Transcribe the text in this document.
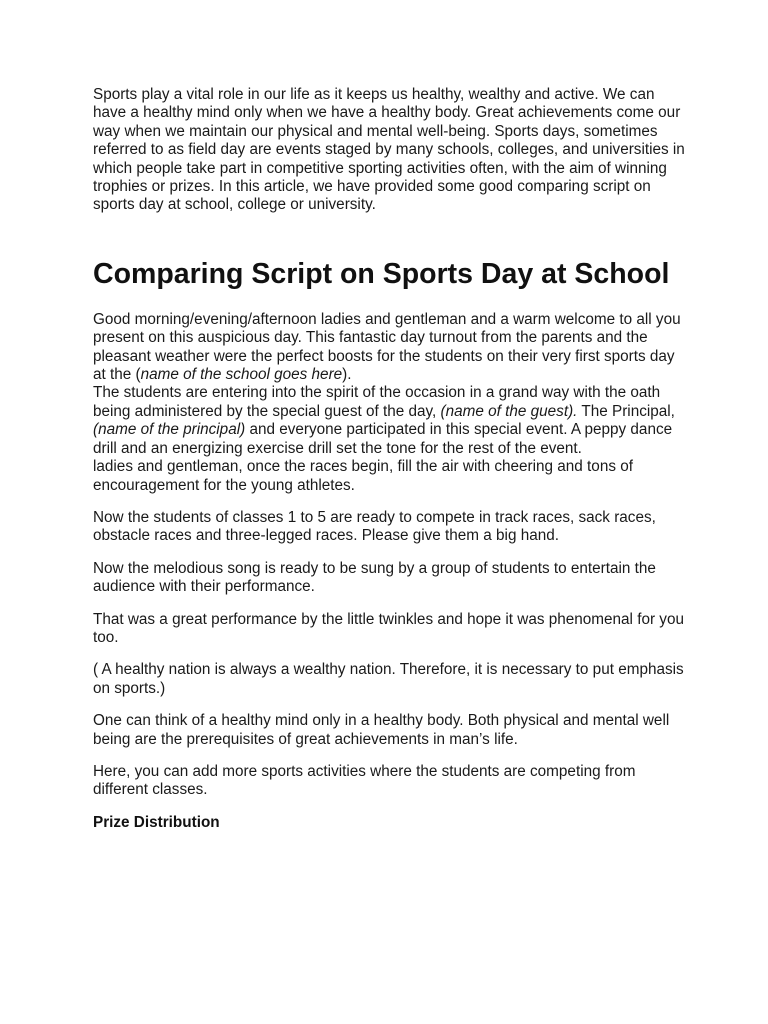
Sports play a vital role in our life as it keeps us healthy, wealthy and active. We can have a healthy mind only when we have a healthy body. Great achievements come our way when we maintain our physical and mental well-being. Sports days, sometimes referred to as field day are events staged by many schools, colleges, and universities in which people take part in competitive sporting activities often, with the aim of winning trophies or prizes. In this article, we have provided some good comparing script on sports day at school, college or university.

Comparing Script on Sports Day at School

Good morning/evening/afternoon ladies and gentleman and a warm welcome to all you present on this auspicious day. This fantastic day turnout from the parents and the pleasant weather were the perfect boosts for the students on their very first sports day at the (name of the school goes here).
The students are entering into the spirit of the occasion in a grand way with the oath being administered by the special guest of the day, (name of the guest). The Principal, (name of the principal) and everyone participated in this special event. A peppy dance drill and an energizing exercise drill set the tone for the rest of the event.
ladies and gentleman, once the races begin, fill the air with cheering and tons of encouragement for the young athletes.

Now the students of classes 1 to 5 are ready to compete in track races, sack races, obstacle races and three-legged races. Please give them a big hand.

Now the melodious song is ready to be sung by a group of students to entertain the audience with their performance.

That was a great performance by the little twinkles and hope it was phenomenal for you too.

( A healthy nation is always a wealthy nation. Therefore, it is necessary to put emphasis on sports.)

One can think of a healthy mind only in a healthy body. Both physical and mental well being are the prerequisites of great achievements in man’s life.

Here, you can add more sports activities where the students are competing from different classes.

Prize Distribution
